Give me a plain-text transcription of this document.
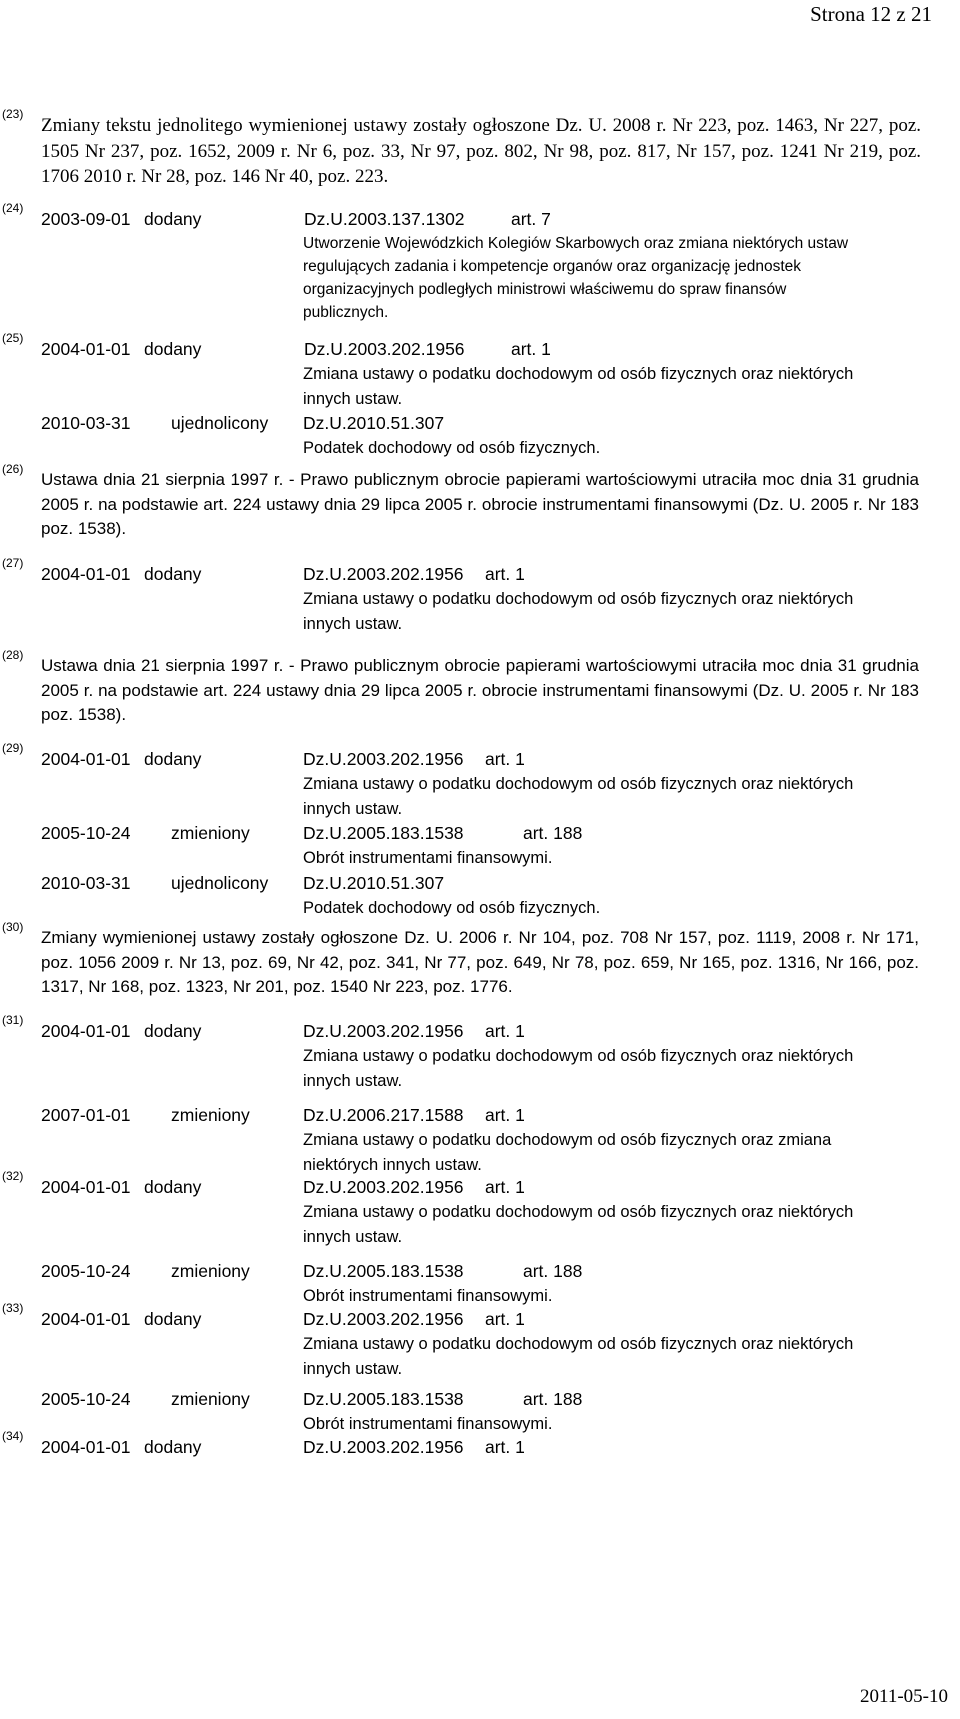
Strona 12 z 21
(23)

Zmiany tekstu jednolitego wymienionej ustawy zostały ogłoszone Dz. U. 2008 r. Nr 223, poz. 1463, Nr 227, poz. 1505 Nr 237, poz. 1652, 2009 r. Nr 6, poz. 33, Nr 97, poz. 802, Nr 98, poz. 817, Nr 157, poz. 1241 Nr 219, poz. 1706 2010 r. Nr 28, poz. 146 Nr 40, poz. 223.

(24)
2003-09-01 dodany	Dz.U.2003.137.1302	art. 7

Utworzenie Wojewódzkich Kolegiów Skarbowych oraz zmiana niektórych ustaw regulujących zadania i kompetencje organów oraz organizację jednostek organizacyjnych podległych ministrowi właściwemu do spraw finansów publicznych.

(25)
2004-01-01 dodany	Dz.U.2003.202.1956	art. 1

Zmiana ustawy o podatku dochodowym od osób fizycznych oraz niektórych

innych ustaw.

2010-03-31 ujednolicony Dz.U.2010.51.307

Podatek dochodowy od osób fizycznych.

(26)

Ustawa dnia 21 sierpnia 1997 r. - Prawo publicznym obrocie papierami wartościowymi utraciła moc dnia 31 grudnia 2005 r. na podstawie art. 224 ustawy dnia 29 lipca 2005 r. obrocie instrumentami finansowymi (Dz. U. 2005 r. Nr 183 poz. 1538).

(27)
2004-01-01 dodany	Dz.U.2003.202.1956 art. 1

Zmiana ustawy o podatku dochodowym od osób fizycznych oraz niektórych

innych ustaw.

(28)

Ustawa dnia 21 sierpnia 1997 r. - Prawo publicznym obrocie papierami wartościowymi utraciła moc dnia 31 grudnia 2005 r. na podstawie art. 224 ustawy dnia 29 lipca 2005 r. obrocie instrumentami finansowymi (Dz. U. 2005 r. Nr 183 poz. 1538).

(29)
2004-01-01 dodany	Dz.U.2003.202.1956 art. 1

Zmiana ustawy o podatku dochodowym od osób fizycznych oraz niektórych

innych ustaw.

2005-10-24 zmieniony	Dz.U.2005.183.1538	art. 188

Obrót instrumentami finansowymi.

2010-03-31 ujednolicony Dz.U.2010.51.307

Podatek dochodowy od osób fizycznych.

(30)

Zmiany wymienionej ustawy zostały ogłoszone Dz. U. 2006 r. Nr 104, poz. 708 Nr 157, poz. 1119, 2008 r. Nr 171, poz. 1056 2009 r. Nr 13, poz. 69, Nr 42, poz. 341, Nr 77, poz. 649, Nr 78, poz. 659, Nr 165, poz. 1316, Nr 166, poz. 1317, Nr 168, poz. 1323, Nr 201, poz. 1540 Nr 223, poz. 1776.

(31)
2004-01-01 dodany	Dz.U.2003.202.1956 art. 1

Zmiana ustawy o podatku dochodowym od osób fizycznych oraz niektórych

innych ustaw.

2007-01-01 zmieniony	Dz.U.2006.217.1588 art. 1

Zmiana ustawy o podatku dochodowym od osób fizycznych oraz zmiana

niektórych innych ustaw.

(32)
2004-01-01 dodany	Dz.U.2003.202.1956 art. 1

Zmiana ustawy o podatku dochodowym od osób fizycznych oraz niektórych

innych ustaw.

2005-10-24 zmieniony	Dz.U.2005.183.1538	art. 188

Obrót instrumentami finansowymi.

(33)
2004-01-01 dodany	Dz.U.2003.202.1956 art. 1

Zmiana ustawy o podatku dochodowym od osób fizycznych oraz niektórych

innych ustaw.

2005-10-24 zmieniony	Dz.U.2005.183.1538	art. 188

Obrót instrumentami finansowymi.

(34)
2004-01-01 dodany	Dz.U.2003.202.1956 art. 1
2011-05-10
